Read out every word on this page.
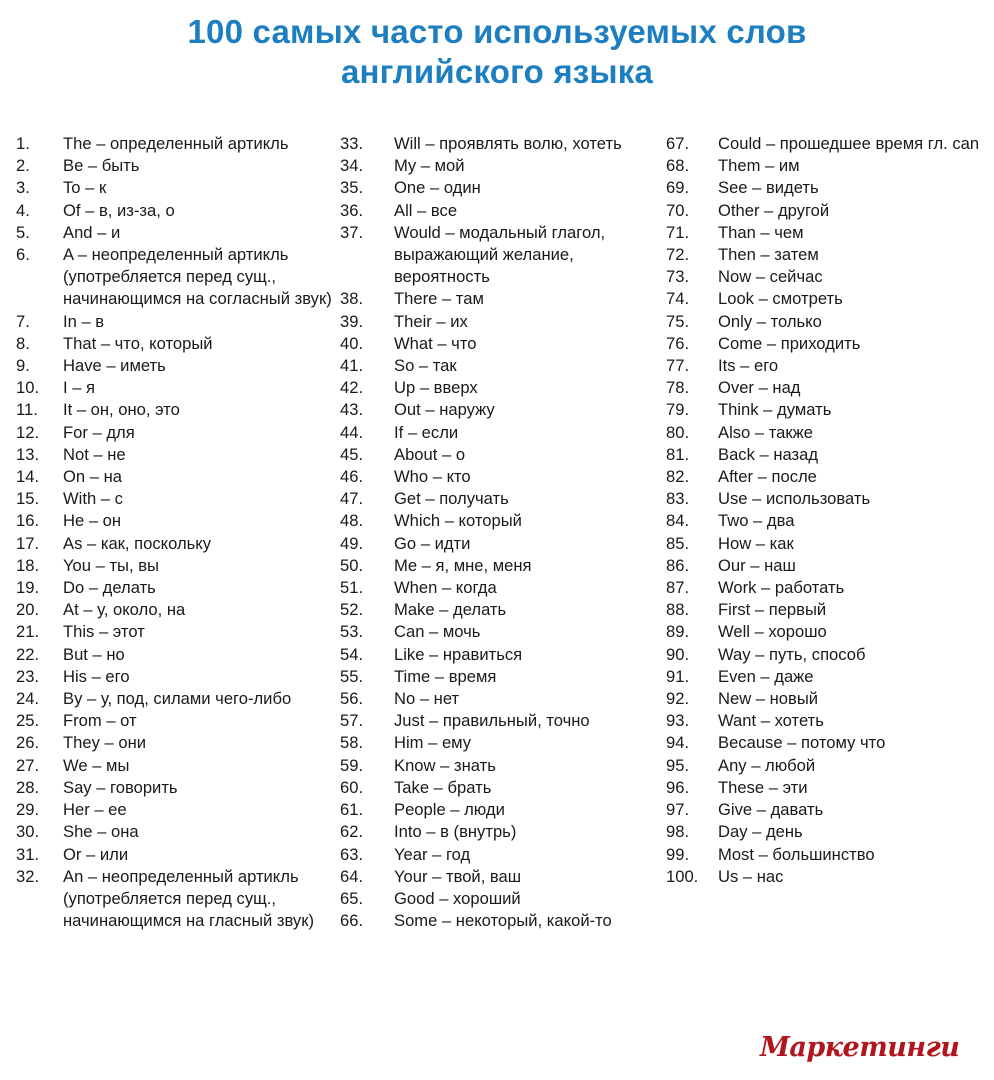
100 самых часто используемых слов
английского языка
1.	The – определенный артикль
2.	Be – быть
3.	To – к
4.	Of – в, из-за, о
5.	And – и
6.	A – неопределенный артикль (употребляется перед сущ., начинающимся на согласный звук)
7.	In – в
8.	That – что, который
9.	Have – иметь
10.	I – я
11.	It – он, оно, это
12.	For – для
13.	Not – не
14.	On – на
15.	With – с
16.	He – он
17.	As – как, поскольку
18.	You – ты, вы
19.	Do – делать
20.	At – у, около, на
21.	This – этот
22.	But – но
23.	His – его
24.	By – у, под, силами чего-либо
25.	From – от
26.	They – они
27.	We – мы
28.	Say – говорить
29.	Her – ее
30.	She – она
31.	Or – или
32.	An – неопределенный артикль (употребляется перед сущ., начинающимся на гласный звук)
33.	Will – проявлять волю, хотеть
34.	My – мой
35.	One – один
36.	All – все
37.	Would – модальный глагол, выражающий желание, вероятность
38.	There – там
39.	Their – их
40.	What – что
41.	So – так
42.	Up – вверх
43.	Out – наружу
44.	If – если
45.	About – о
46.	Who – кто
47.	Get – получать
48.	Which – который
49.	Go – идти
50.	Me – я, мне, меня
51.	When – когда
52.	Make – делать
53.	Can – мочь
54.	Like – нравиться
55.	Time – время
56.	No – нет
57.	Just – правильный, точно
58.	Him – ему
59.	Know – знать
60.	Take – брать
61.	People – люди
62.	Into – в (внутрь)
63.	Year – год
64.	Your – твой, ваш
65.	Good – хороший
66.	Some – некоторый, какой-то
67.	Could – прошедшее время гл. can
68.	Them – им
69.	See – видеть
70.	Other – другой
71.	Than – чем
72.	Then – затем
73.	Now – сейчас
74.	Look – смотреть
75.	Only – только
76.	Come – приходить
77.	Its – его
78.	Over – над
79.	Think – думать
80.	Also – также
81.	Back – назад
82.	After – после
83.	Use – использовать
84.	Two – два
85.	How – как
86.	Our – наш
87.	Work – работать
88.	First – первый
89.	Well – хорошо
90.	Way – путь, способ
91.	Even – даже
92.	New – новый
93.	Want – хотеть
94.	Because – потому что
95.	Any – любой
96.	These – эти
97.	Give – давать
98.	Day – день
99.	Most – большинство
100.	Us – нас
Маркетинги
